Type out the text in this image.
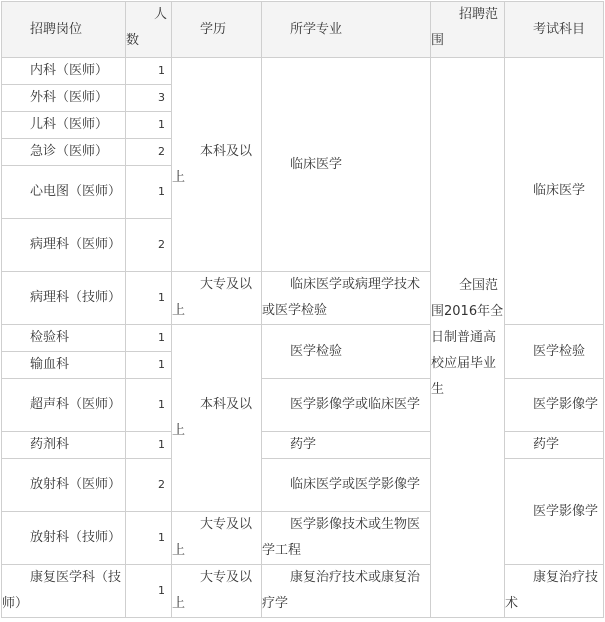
招聘岗位	人数	学历	所学专业	招聘范围	考试科目
内科（医师）	1	本科及以上	临床医学	全国范围2016年全日制普通高校应届毕业生	临床医学
外科（医师）	3				
儿科（医师）	1				
急诊（医师）	2				
心电图（医师）	1				
病理科（医师）	2				
病理科（技师）	1	大专及以上	临床医学或病理学技术或医学检验		
检验科	1	本科及以上	医学检验		医学检验
输血科	1				
超声科（医师）	1		医学影像学或临床医学		医学影像学
药剂科	1		药学		药学
放射科（医师）	2		临床医学或医学影像学		医学影像学
放射科（技师）	1	大专及以上	医学影像技术或生物医学工程		
康复医学科（技师）	1	大专及以上	康复治疗技术或康复治疗学		康复治疗技术
